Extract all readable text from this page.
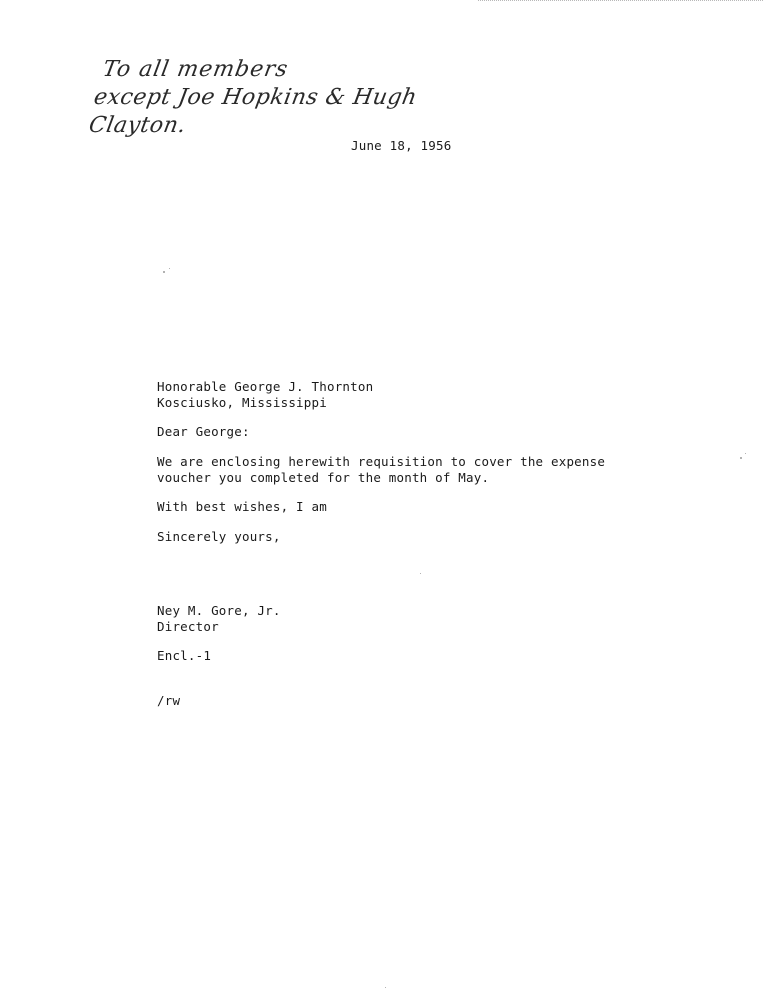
To all members
except Joe Hopkins & Hugh Clayton.
June 18, 1956
Honorable George J. Thornton
Kosciusko, Mississippi
Dear George:
We are enclosing herewith requisition to cover the expense
voucher you completed for the month of May.
With best wishes, I am
Sincerely yours,
Ney M. Gore, Jr.
Director
Encl.-1
/rw
